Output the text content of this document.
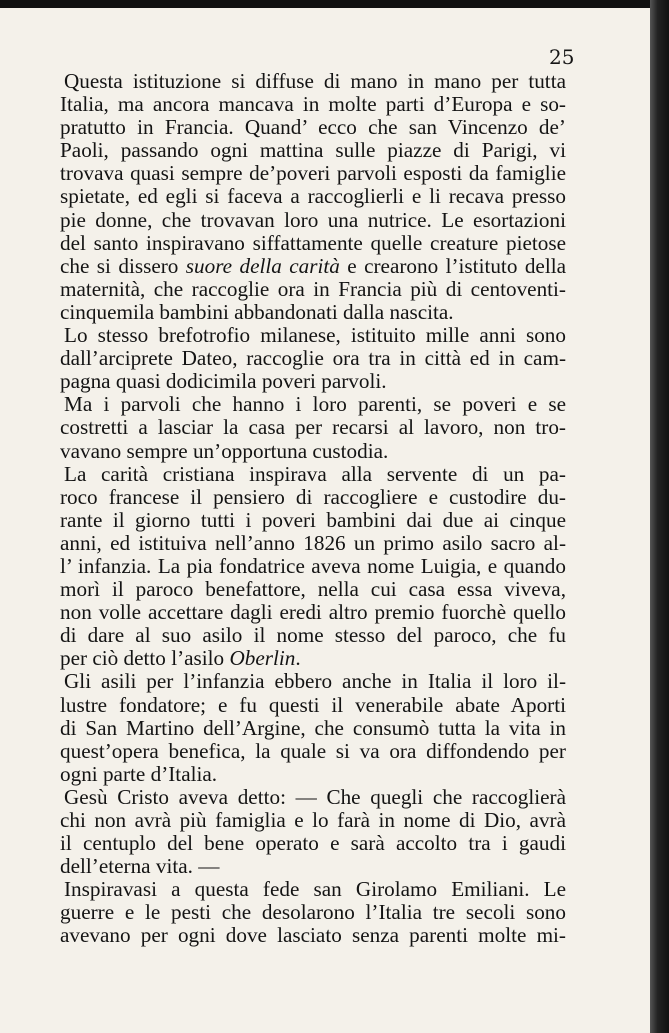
25
Questa istituzione si diffuse di mano in mano per tutta
Italia, ma ancora mancava in molte parti d’Europa e so-
pratutto in Francia. Quand’ ecco che san Vincenzo de’
Paoli, passando ogni mattina sulle piazze di Parigi, vi
trovava quasi sempre de’poveri parvoli esposti da famiglie
spietate, ed egli si faceva a raccoglierli e li recava presso
pie donne, che trovavan loro una nutrice. Le esortazioni
del santo inspiravano siffattamente quelle creature pietose
che si dissero suore della carità e crearono l’istituto della
maternità, che raccoglie ora in Francia più di centoventi-
cinquemila bambini abbandonati dalla nascita.
Lo stesso brefotrofio milanese, istituito mille anni sono
dall’arciprete Dateo, raccoglie ora tra in città ed in cam-
pagna quasi dodicimila poveri parvoli.
Ma i parvoli che hanno i loro parenti, se poveri e se
costretti a lasciar la casa per recarsi al lavoro, non tro-
vavano sempre un’opportuna custodia.
La carità cristiana inspirava alla servente di un pa-
roco francese il pensiero di raccogliere e custodire du-
rante il giorno tutti i poveri bambini dai due ai cinque
anni, ed istituiva nell’anno 1826 un primo asilo sacro al-
l’ infanzia. La pia fondatrice aveva nome Luigia, e quando
morì il paroco benefattore, nella cui casa essa viveva,
non volle accettare dagli eredi altro premio fuorchè quello
di dare al suo asilo il nome stesso del paroco, che fu
per ciò detto l’asilo Oberlin.
Gli asili per l’infanzia ebbero anche in Italia il loro il-
lustre fondatore; e fu questi il venerabile abate Aporti
di San Martino dell’Argine, che consumò tutta la vita in
quest’opera benefica, la quale si va ora diffondendo per
ogni parte d’Italia.
Gesù Cristo aveva detto: — Che quegli che raccoglierà
chi non avrà più famiglia e lo farà in nome di Dio, avrà
il centuplo del bene operato e sarà accolto tra i gaudi
dell’eterna vita. —
Inspiravasi a questa fede san Girolamo Emiliani. Le
guerre e le pesti che desolarono l’Italia tre secoli sono
avevano per ogni dove lasciato senza parenti molte mi-
